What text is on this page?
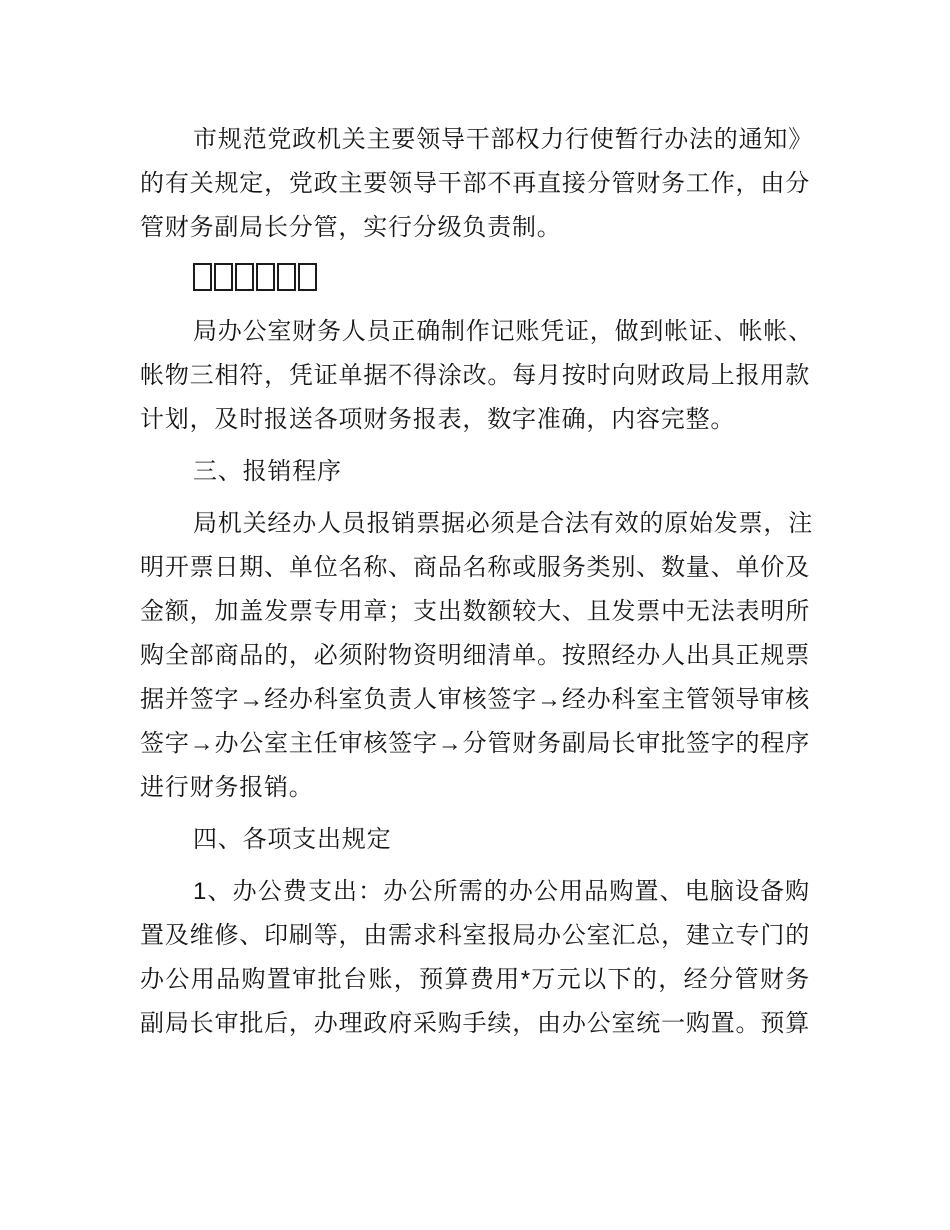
市规范党政机关主要领导干部权力行使暂行办法的通知》
的有关规定，党政主要领导干部不再直接分管财务工作，由分
管财务副局长分管，实行分级负责制。
局办公室财务人员正确制作记账凭证，做到帐证、帐帐、
帐物三相符，凭证单据不得涂改。每月按时向财政局上报用款
计划，及时报送各项财务报表，数字准确，内容完整。
三、报销程序
局机关经办人员报销票据必须是合法有效的原始发票，注
明开票日期、单位名称、商品名称或服务类别、数量、单价及
金额，加盖发票专用章；支出数额较大、且发票中无法表明所
购全部商品的，必须附物资明细清单。按照经办人出具正规票
据并签字→经办科室负责人审核签字→经办科室主管领导审核
签字→办公室主任审核签字→分管财务副局长审批签字的程序
进行财务报销。
四、各项支出规定
1、办公费支出：办公所需的办公用品购置、电脑设备购
置及维修、印刷等，由需求科室报局办公室汇总，建立专门的
办公用品购置审批台账，预算费用*万元以下的，经分管财务
副局长审批后，办理政府采购手续，由办公室统一购置。预算
